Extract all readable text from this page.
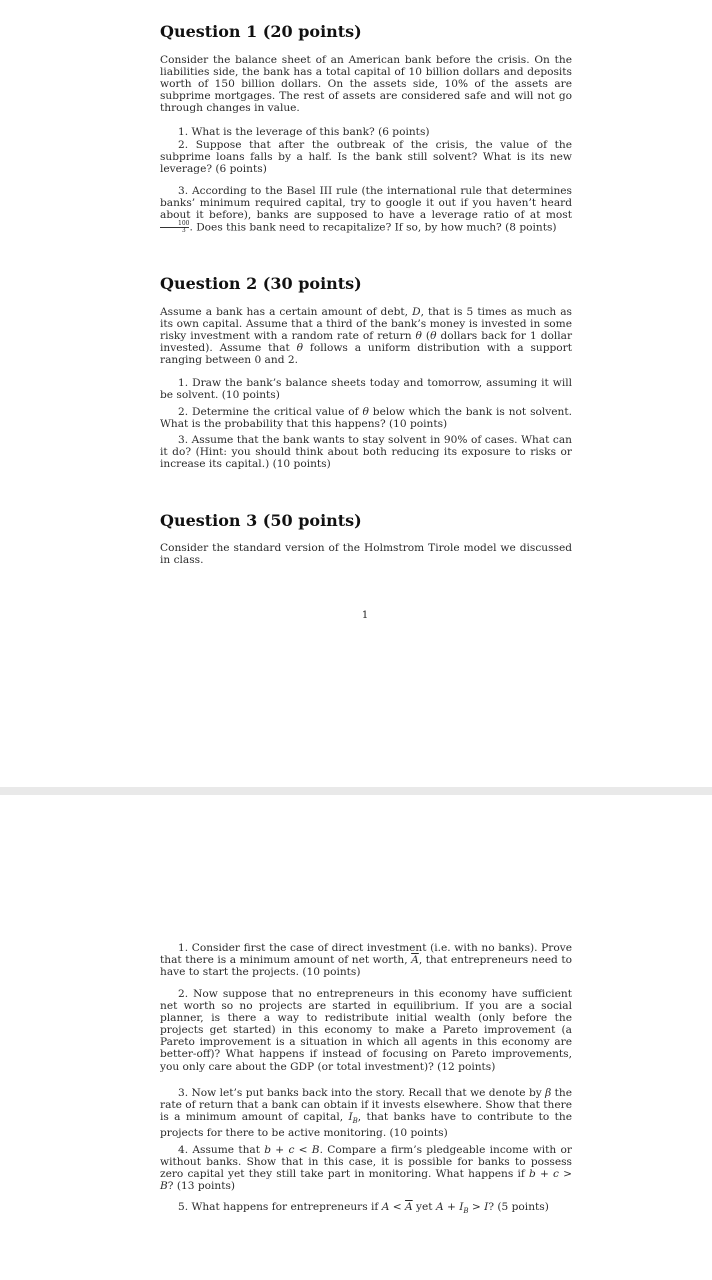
Question 1 (20 points)
Consider the balance sheet of an American bank before the crisis. On the liabilities side, the bank has a total capital of 10 billion dollars and deposits worth of 150 billion dollars. On the assets side, 10% of the assets are subprime mortgages. The rest of assets are considered safe and will not go through changes in value.
1. What is the leverage of this bank? (6 points)
2. Suppose that after the outbreak of the crisis, the value of the subprime loans falls by a half. Is the bank still solvent? What is its new leverage? (6 points)
3. According to the Basel III rule (the international rule that determines banks’ minimum required capital, try to google it out if you haven’t heard about it before), banks are supposed to have a leverage ratio of at most
$\frac{100}{3}$ . Does this bank need to recapitalize? If so, by how much? (8 points)
Question 2 (30 points)
Assume a bank has a certain amount of debt, D, that is 5 times as much as its own capital. Assume that a third of the bank’s money is invested in some risky investment with a random rate of return θ (θ dollars back for 1 dollar invested). Assume that θ follows a uniform distribution with a support ranging between 0 and 2.
1. Draw the bank’s balance sheets today and tomorrow, assuming it will be solvent. (10 points)
2. Determine the critical value of θ below which the bank is not solvent. What is the probability that this happens? (10 points)
3. Assume that the bank wants to stay solvent in 90% of cases. What can it do? (Hint: you should think about both reducing its exposure to risks or increase its capital.) (10 points)
Question 3 (50 points)
Consider the standard version of the Holmstrom Tirole model we discussed in class.
1
1. Consider first the case of direct investment (i.e. with no banks). Prove that there is a minimum amount of net worth, $\overline{A}$, that entrepreneurs need to have to start the projects. (10 points)
2. Now suppose that no entrepreneurs in this economy have sufficient net worth so no projects are started in equilibrium. If you are a social planner, is there a way to redistribute initial wealth (only before the projects get started) in this economy to make a Pareto improvement (a Pareto improvement is a situation in which all agents in this economy are better-off)? What happens if instead of focusing on Pareto improvements, you only care about the GDP (or total investment)? (12 points)
3. Now let’s put banks back into the story. Recall that we denote by β the rate of return that a bank can obtain if it invests elsewhere. Show that there is a minimum amount of capital, $I_B$, that banks have to contribute to the projects for there to be active monitoring. (10 points)
4. Assume that b + c < B. Compare a firm’s pledgeable income with or without banks. Show that in this case, it is possible for banks to possess zero capital yet they still take part in monitoring. What happens if b + c > B? (13 points)
5. What happens for entrepreneurs if $A < \overline{A}$ yet $A + I_B > I$? (5 points)
